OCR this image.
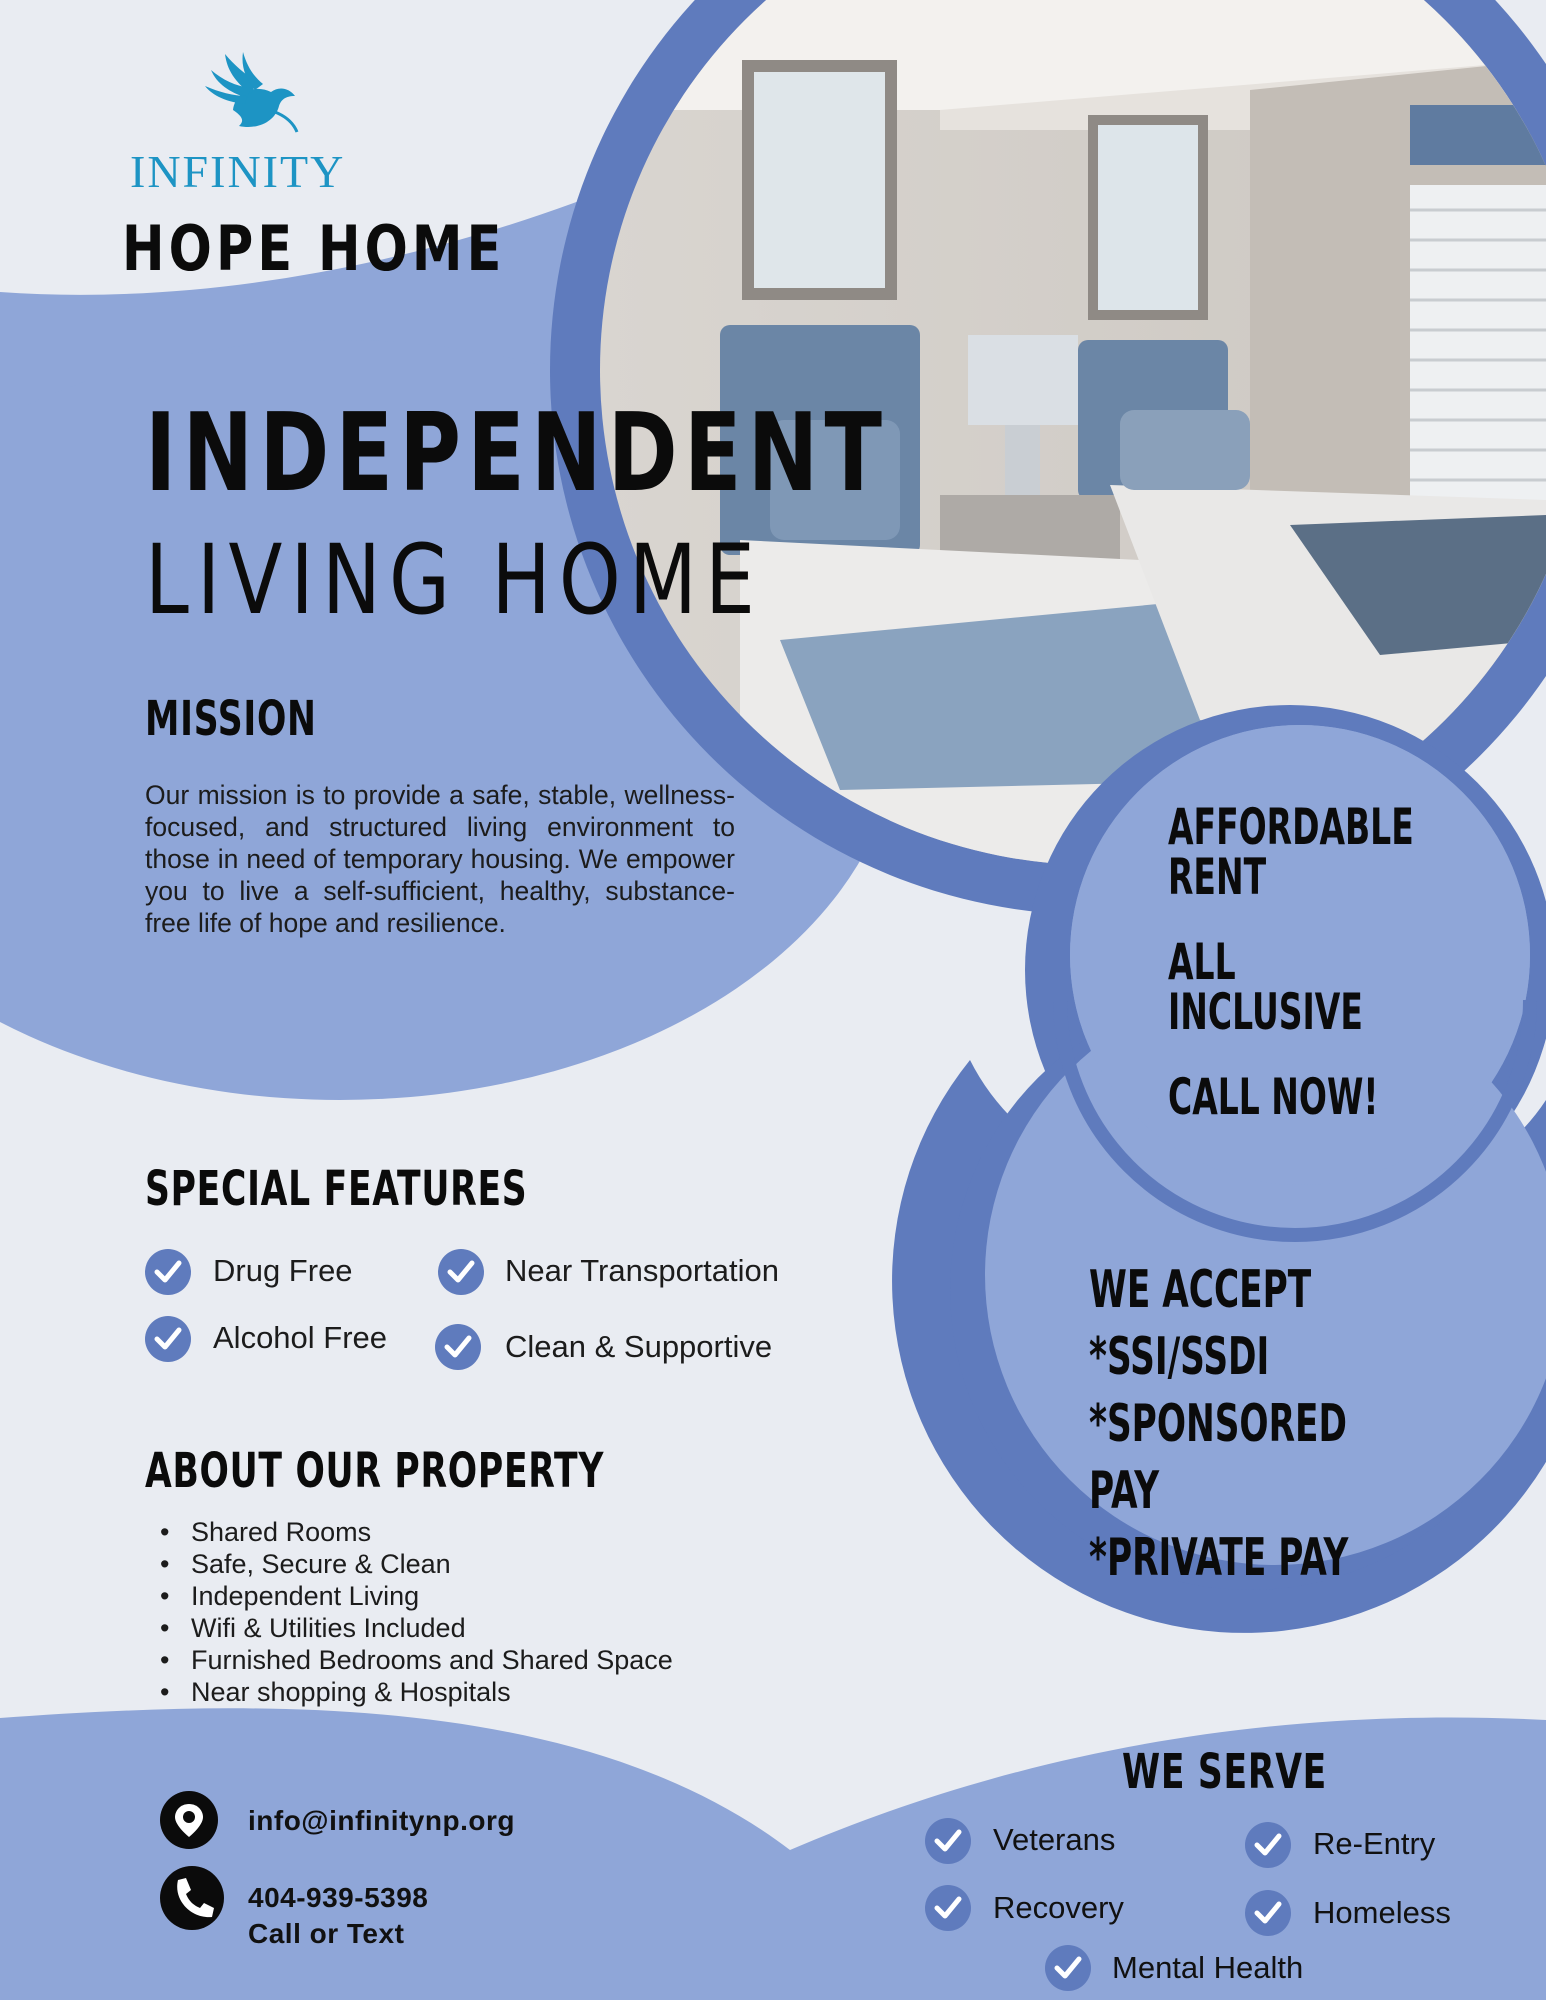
INFINITY
HOPE HOME
INDEPENDENT
LIVING HOME
MISSION

Our mission is to provide a safe, stable, wellness-focused, and structured living environment to those in need of temporary housing. We empower you to live a self-sufficient, healthy, substance-free life of hope and resilience.

SPECIAL FEATURES
Drug Free	Near Transportation
Alcohol Free	Clean & Supportive
ABOUT OUR PROPERTY
• Shared Rooms
• Safe, Secure & Clean
• Independent Living
• Wifi & Utilities Included
• Furnished Bedrooms and Shared Space
• Near shopping & Hospitals
AFFORDABLE RENT
ALL INCLUSIVE
CALL NOW!
WE ACCEPT
*SSI/SSDI
*SPONSORED PAY
*PRIVATE PAY
info@infinitynp.org
404-939-5398
Call or Text
WE SERVE
Veterans	Re-Entry
Recovery	Homeless
Mental Health
